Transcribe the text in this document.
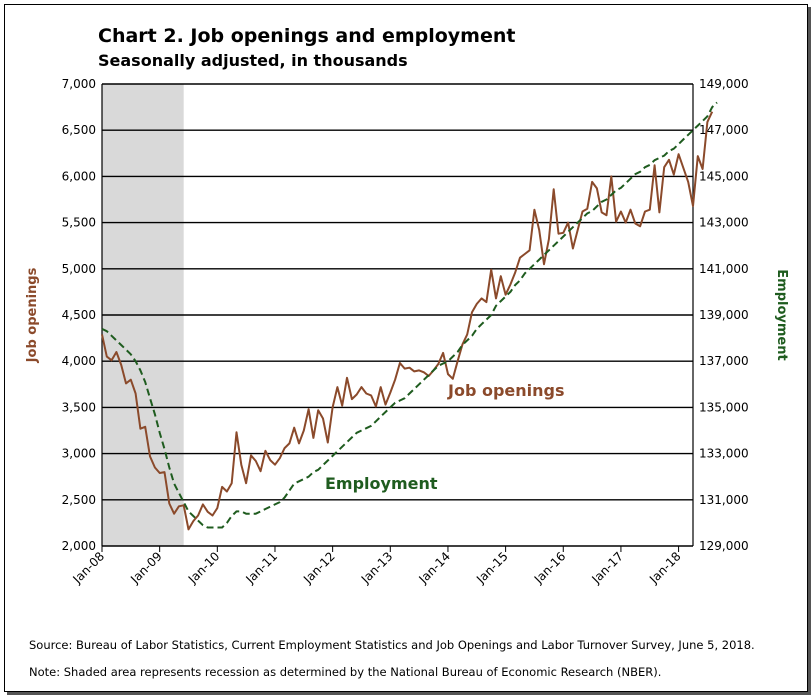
Chart 2. Job openings and employment
Seasonally adjusted, in thousands
Source: Bureau of Labor Statistics, Current Employment Statistics and Job Openings and Labor Turnover Survey, June 5, 2018.
Note: Shaded area represents recession as determined by the National Bureau of Economic Research (NBER).
2,000	129,000
2,500	131,000
3,000	133,000
3,500	135,000
4,000	137,000
4,500	139,000
5,000	141,000
5,500	143,000
6,000	145,000
6,500	147,000
7,000	149,000
Jan-08 Jan-09 Jan-10 Jan-11 Jan-12 Jan-13 Jan-14 Jan-15 Jan-16 Jan-17 Jan-18
Job openings	Employment
Job openings
Employment
